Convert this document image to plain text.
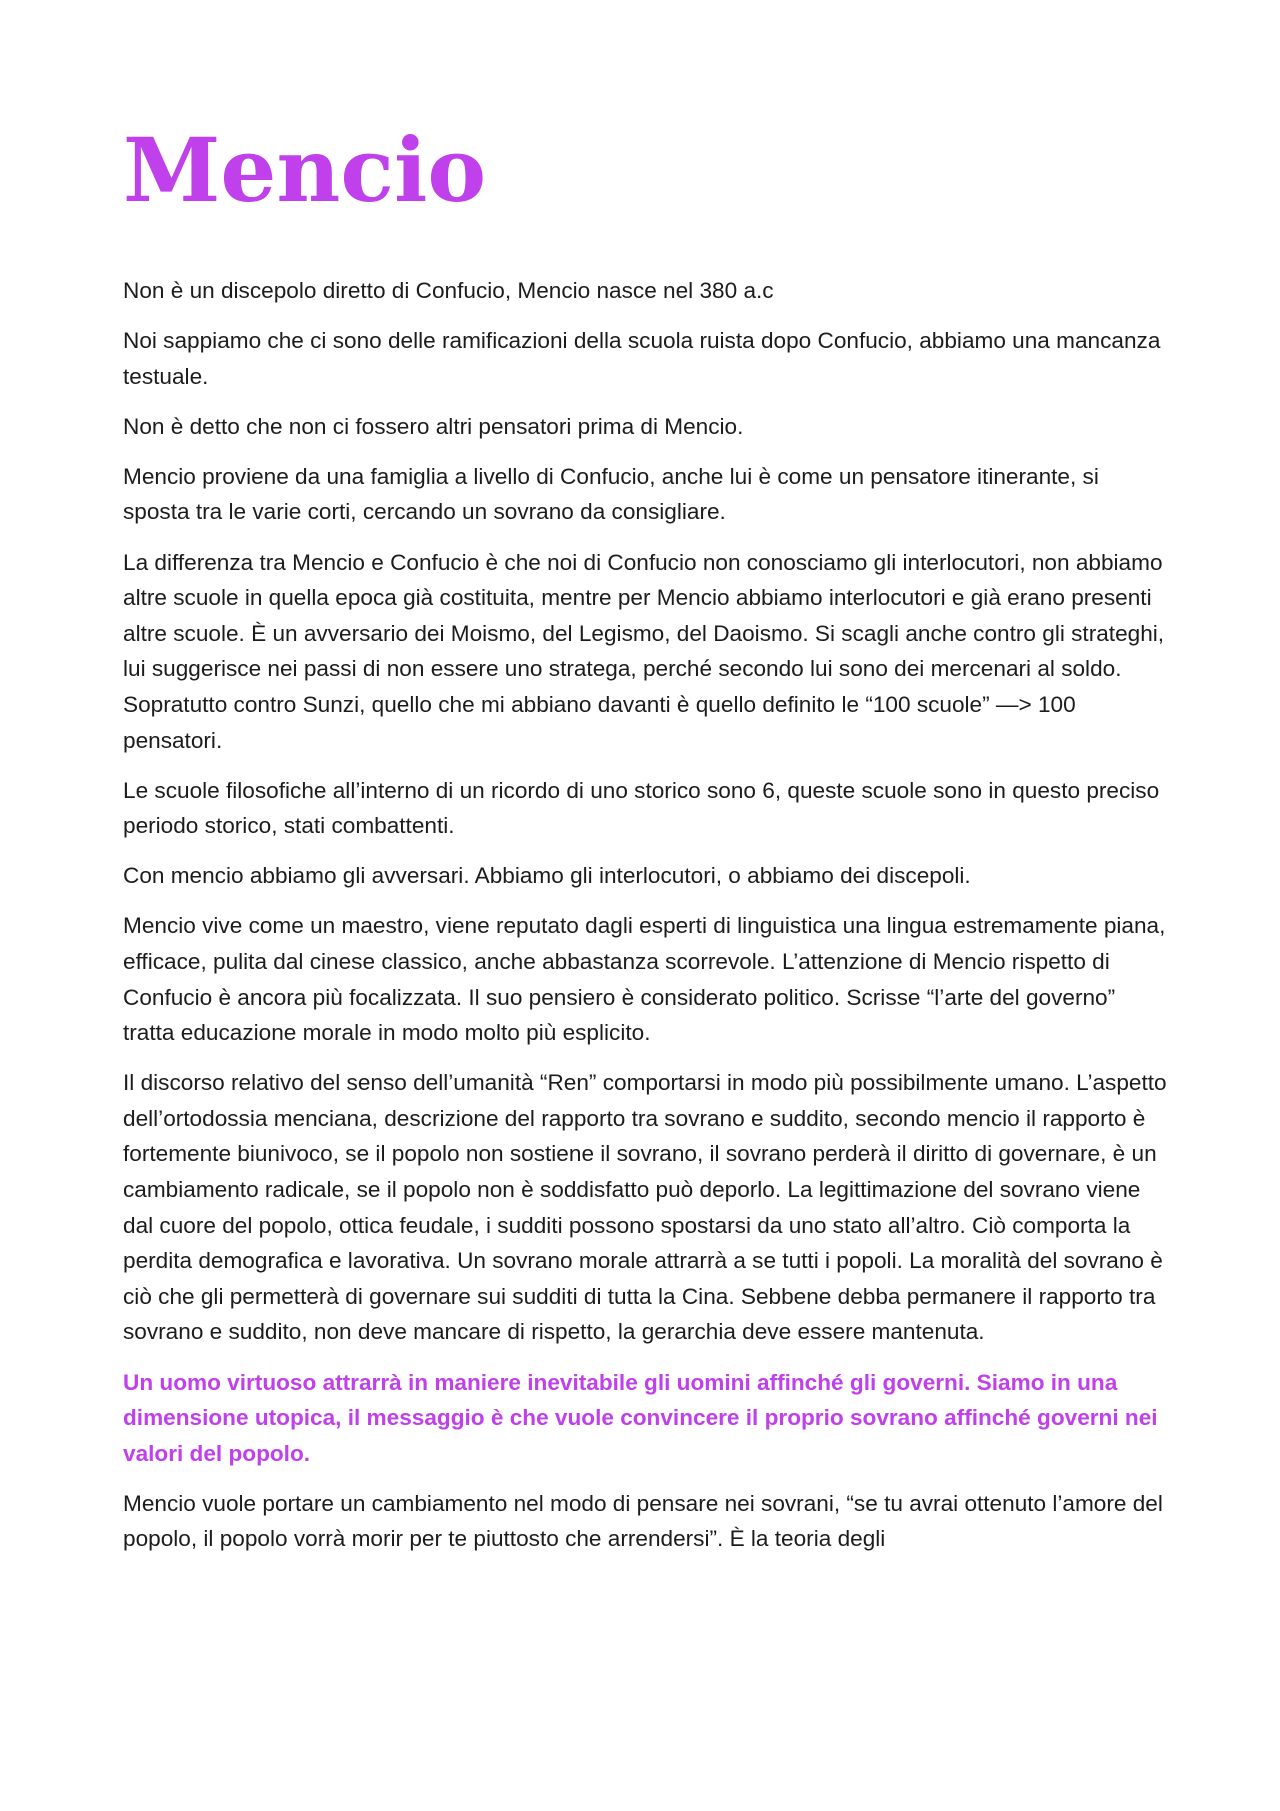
Mencio

Non è un discepolo diretto di Confucio, Mencio nasce nel 380 a.c

Noi sappiamo che ci sono delle ramificazioni della scuola ruista dopo Confucio, abbiamo una mancanza testuale.

Non è detto che non ci fossero altri pensatori prima di Mencio.

Mencio proviene da una famiglia a livello di Confucio, anche lui è come un pensatore itinerante, si sposta tra le varie corti, cercando un sovrano da consigliare.

La differenza tra Mencio e Confucio è che noi di Confucio non conosciamo gli interlocutori, non abbiamo altre scuole in quella epoca già costituita, mentre per Mencio abbiamo interlocutori e già erano presenti altre scuole. È un avversario dei Moismo, del Legismo, del Daoismo. Si scagli anche contro gli strateghi, lui suggerisce nei passi di non essere uno stratega, perché secondo lui sono dei mercenari al soldo. Sopratutto contro Sunzi, quello che mi abbiano davanti è quello definito le “100 scuole” —> 100 pensatori.

Le scuole filosofiche all’interno di un ricordo di uno storico sono 6, queste scuole sono in questo preciso periodo storico, stati combattenti.

Con mencio abbiamo gli avversari. Abbiamo gli interlocutori, o abbiamo dei discepoli.

Mencio vive come un maestro, viene reputato dagli esperti di linguistica una lingua estremamente piana, efficace, pulita dal cinese classico, anche abbastanza scorrevole. L’attenzione di Mencio rispetto di Confucio è ancora più focalizzata. Il suo pensiero è considerato politico. Scrisse “l’arte del governo” tratta educazione morale in modo molto più esplicito.

Il discorso relativo del senso dell’umanità “Ren” comportarsi in modo più possibilmente umano. L’aspetto dell’ortodossia menciana, descrizione del rapporto tra sovrano e suddito, secondo mencio il rapporto è fortemente biunivoco, se il popolo non sostiene il sovrano, il sovrano perderà il diritto di governare, è un cambiamento radicale, se il popolo non è soddisfatto può deporlo. La legittimazione del sovrano viene dal cuore del popolo, ottica feudale, i sudditi possono spostarsi da uno stato all’altro. Ciò comporta la perdita demografica e lavorativa. Un sovrano morale attrarrà a se tutti i popoli. La moralità del sovrano è ciò che gli permetterà di governare sui sudditi di tutta la Cina. Sebbene debba permanere il rapporto tra sovrano e suddito, non deve mancare di rispetto, la gerarchia deve essere mantenuta.

Un uomo virtuoso attrarrà in maniere inevitabile gli uomini affinché gli governi. Siamo in una dimensione utopica, il messaggio è che vuole convincere il proprio sovrano affinché governi nei valori del popolo.

Mencio vuole portare un cambiamento nel modo di pensare nei sovrani, “se tu avrai ottenuto l’amore del popolo, il popolo vorrà morir per te piuttosto che arrendersi”. È la teoria degli
